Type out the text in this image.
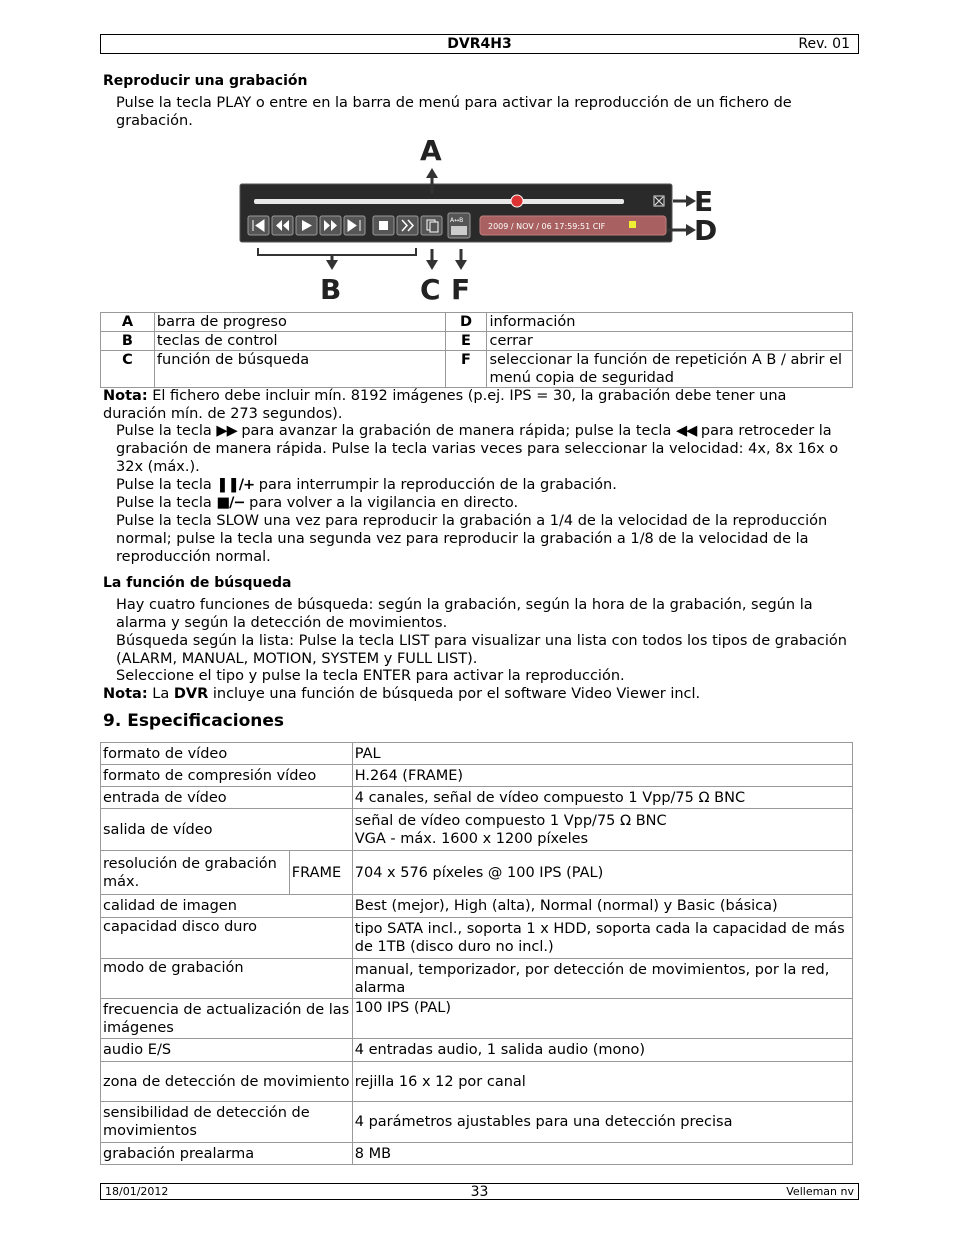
DVR4H3	Rev. 01
Reproducir una grabación
Pulse la tecla PLAY o entre en la barra de menú para activar la reproducción de un fichero de grabación.
A↔B
2009 / NOV / 06 17:59:51 CIF
A
E
D
B	C F
A	barra de progreso	D	información
B	teclas de control	E	cerrar
C	función de búsqueda	F	seleccionar la función de repetición A B / abrir el menú copia de seguridad
Nota: El fichero debe incluir mín. 8192 imágenes (p.ej. IPS = 30, la grabación debe tener una duración mín. de 273 segundos).
Pulse la tecla ▶▶ para avanzar la grabación de manera rápida; pulse la tecla ◀◀ para retroceder la grabación de manera rápida. Pulse la tecla varias veces para seleccionar la velocidad: 4x, 8x 16x o 32x (máx.).
Pulse la tecla ❚❚/+ para interrumpir la reproducción de la grabación.
Pulse la tecla ■/− para volver a la vigilancia en directo.
Pulse la tecla SLOW una vez para reproducir la grabación a 1/4 de la velocidad de la reproducción normal; pulse la tecla una segunda vez para reproducir la grabación a 1/8 de la velocidad de la reproducción normal.
La función de búsqueda
Hay cuatro funciones de búsqueda: según la grabación, según la hora de la grabación, según la alarma y según la detección de movimientos.
Búsqueda según la lista: Pulse la tecla LIST para visualizar una lista con todos los tipos de grabación (ALARM, MANUAL, MOTION, SYSTEM y FULL LIST).
Seleccione el tipo y pulse la tecla ENTER para activar la reproducción.
Nota: La DVR incluye una función de búsqueda por el software Video Viewer incl.
9. Especificaciones
formato de vídeo		PAL
formato de compresión vídeo		H.264 (FRAME)
entrada de vídeo		4 canales, señal de vídeo compuesto 1 Vpp/75 Ω BNC
salida de vídeo		señal de vídeo compuesto 1 Vpp/75 Ω BNC
VGA - máx. 1600 x 1200 píxeles

resolución de grabación máx.	FRAME	704 x 576 píxeles @ 100 IPS (PAL)
calidad de imagen		Best (mejor), High (alta), Normal (normal) y Basic (básica)
capacidad disco duro		tipo SATA incl., soporta 1 x HDD, soporta cada la capacidad de más de 1TB (disco duro no incl.)
modo de grabación		manual, temporizador, por detección de movimientos, por la red, alarma
frecuencia de actualización de las imágenes		100 IPS (PAL)
audio E/S		4 entradas audio, 1 salida audio (mono)
zona de detección de movimiento		rejilla 16 x 12 por canal
sensibilidad de detección de movimientos		4 parámetros ajustables para una detección precisa
grabación prealarma		8 MB
18/01/2012	33	Velleman nv
